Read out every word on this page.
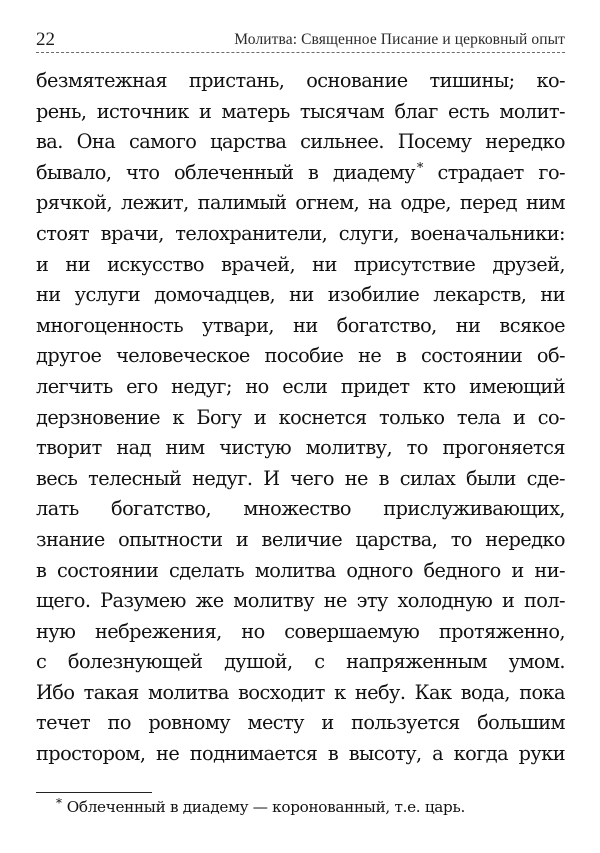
22	Молитва: Священное Писание и церковный опыт
безмятежная пристань, основание тишины; ко-
рень, источник и матерь тысячам благ есть молит-
ва. Она самого царства сильнее. Посему нередко
бывало, что облеченный в диадему * страдает го-
рячкой, лежит, палимый огнем, на одре, перед ним
стоят врачи, телохранители, слуги, военачальники:
и ни искусство врачей, ни присутствие друзей,
ни услуги домочадцев, ни изобилие лекарств, ни
многоценность утвари, ни богатство, ни всякое
другое человеческое пособие не в состоянии об-
легчить его недуг; но если придет кто имеющий
дерзновение к Богу и коснется только тела и со-
творит над ним чистую молитву, то прогоняется
весь телесный недуг. И чего не в силах были сде-
лать богатство, множество прислуживающих,
знание опытности и величие царства, то нередко
в состоянии сделать молитва одного бедного и ни-
щего. Разумею же молитву не эту холодную и пол-
ную небрежения, но совершаемую протяженно,
с болезнующей душой, с напряженным умом.
Ибо такая молитва восходит к небу. Как вода, пока
течет по ровному месту и пользуется большим
простором, не поднимается в высоту, а когда руки
* Облеченный в диадему — коронованный, т.е. царь.
